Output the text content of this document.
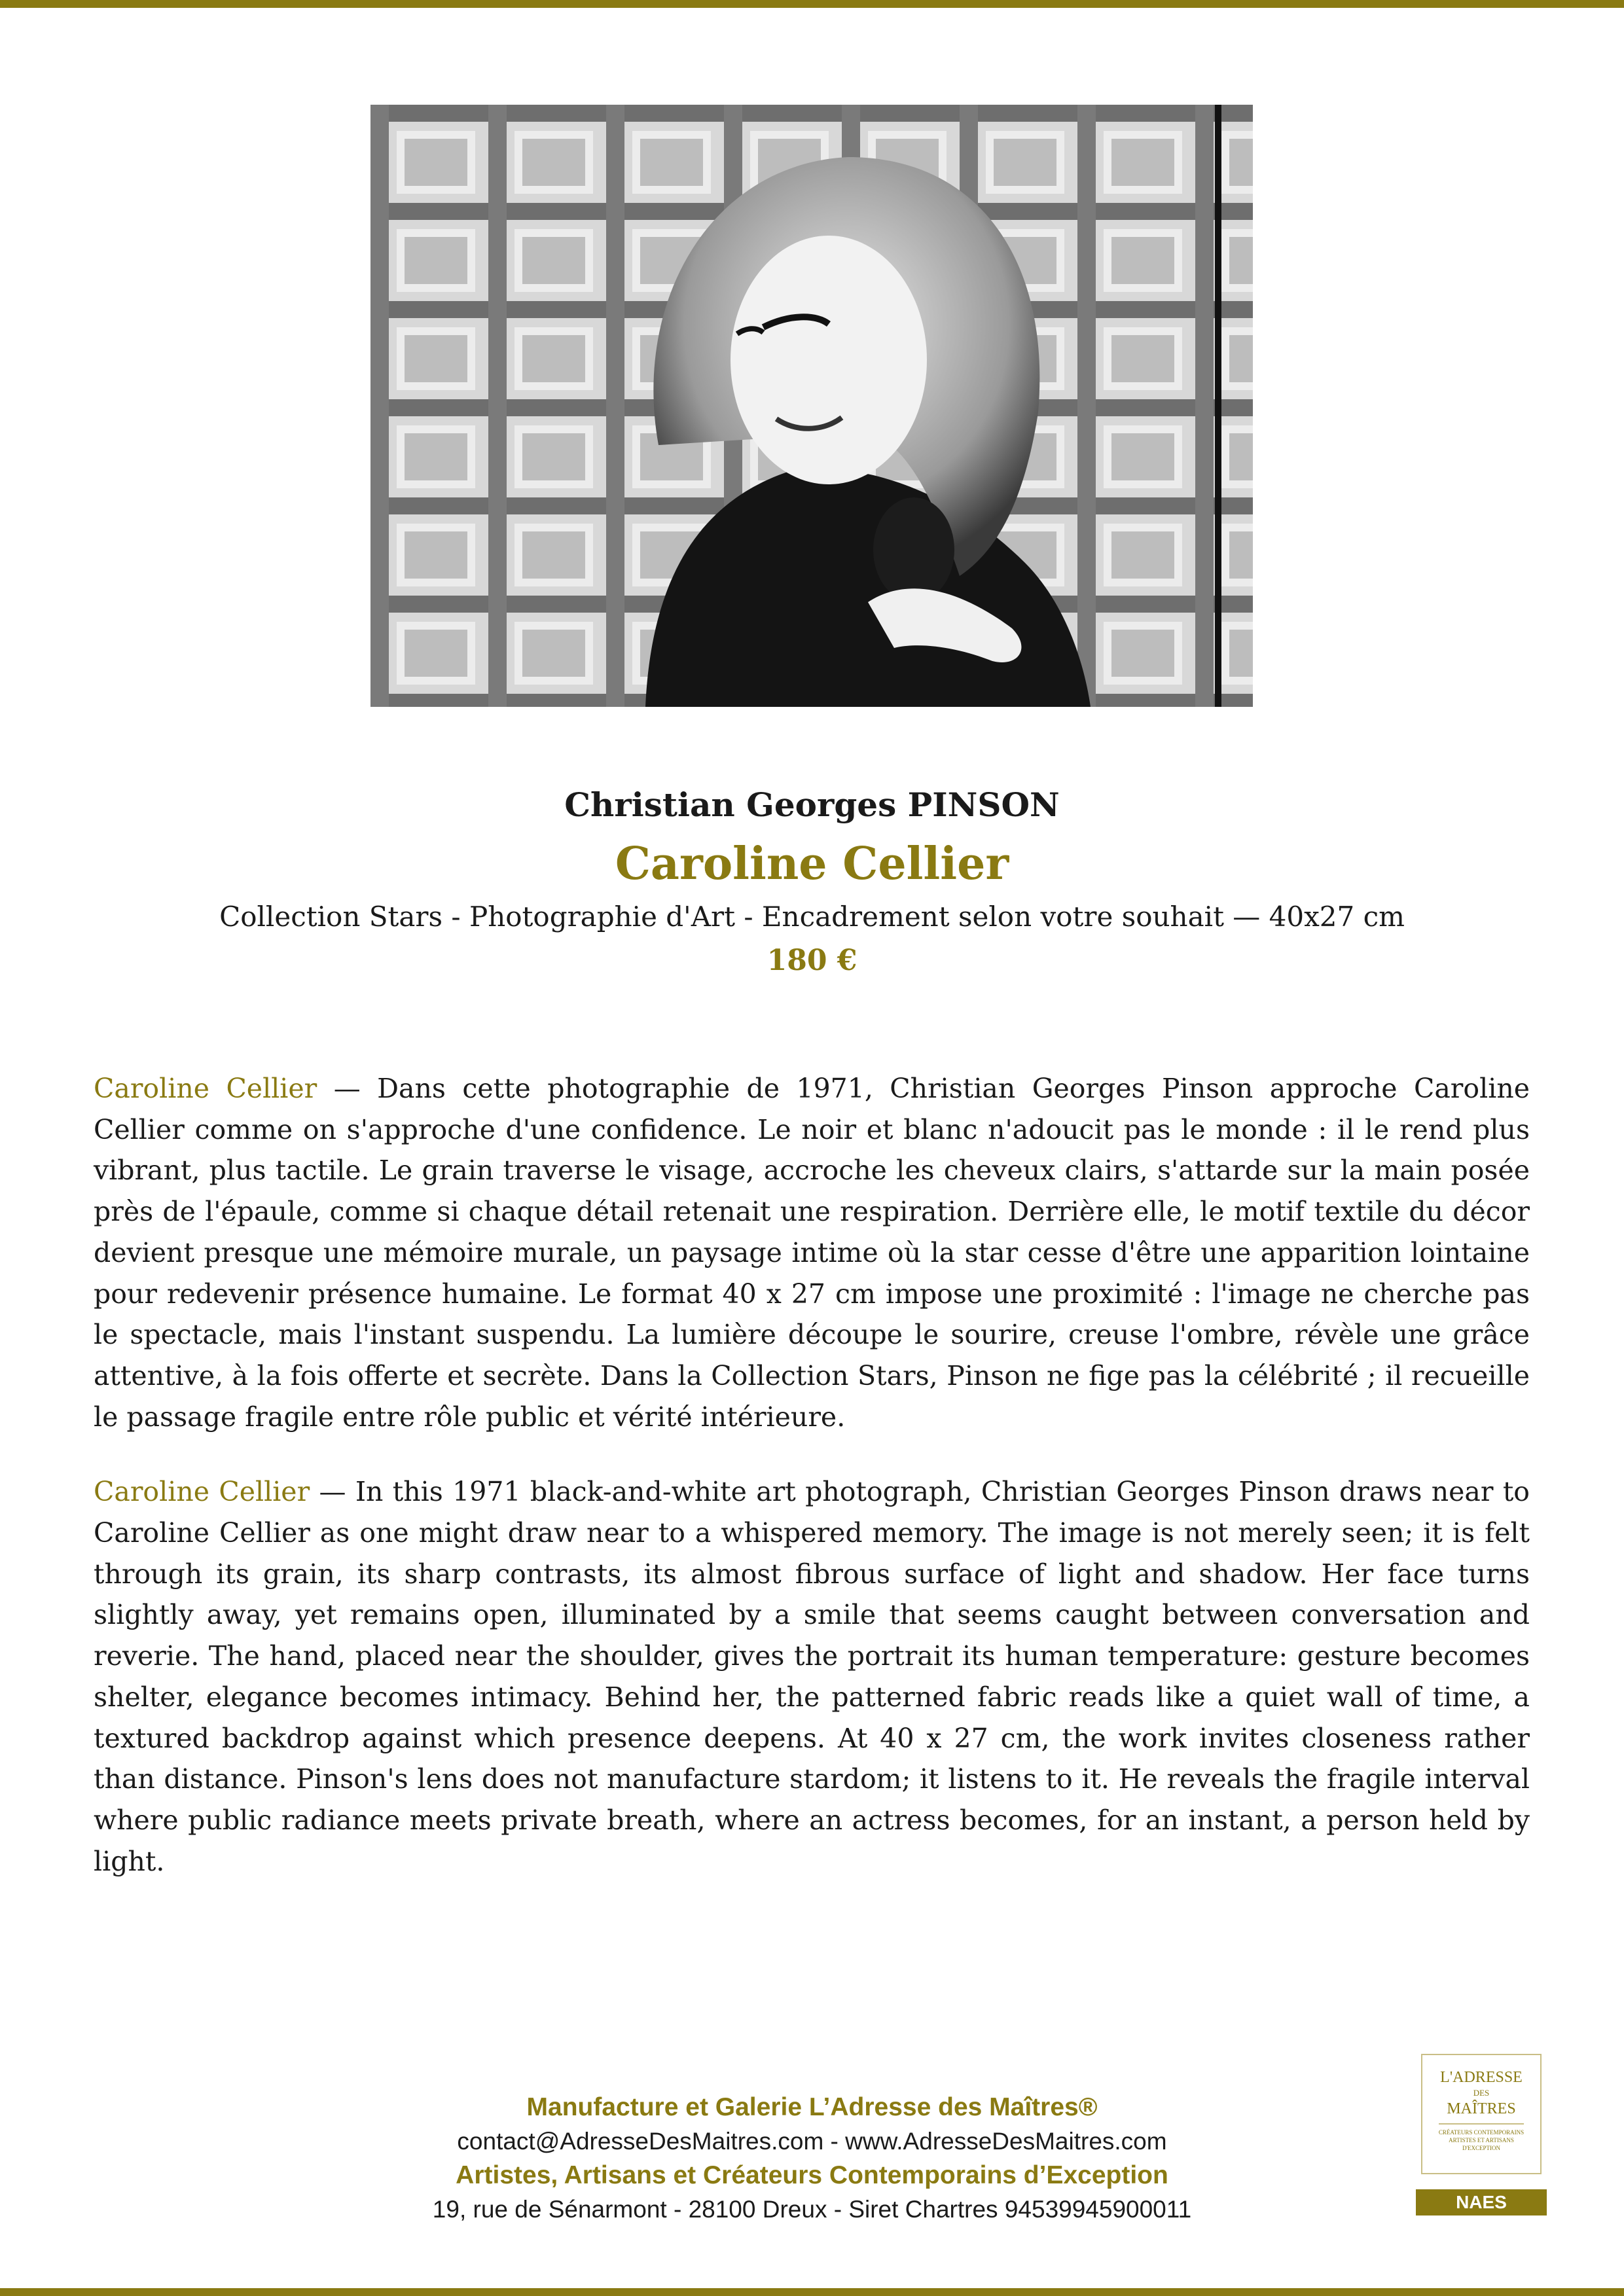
Christian Georges PINSON
Caroline Cellier
Collection Stars - Photographie d'Art - Encadrement selon votre souhait — 40x27 cm
180 €

Caroline Cellier — Dans cette photographie de 1971, Christian Georges Pinson approche Caroline Cellier comme on s'approche d'une confidence. Le noir et blanc n'adoucit pas le monde : il le rend plus vibrant, plus tactile. Le grain traverse le visage, accroche les cheveux clairs, s'attarde sur la main posée près de l'épaule, comme si chaque détail retenait une respiration. Derrière elle, le motif textile du décor devient presque une mémoire murale, un paysage intime où la star cesse d'être une apparition lointaine pour redevenir présence humaine. Le format 40 x 27 cm impose une proximité : l'image ne cherche pas le spectacle, mais l'instant suspendu. La lumière découpe le sourire, creuse l'ombre, révèle une grâce attentive, à la fois offerte et secrète. Dans la Collection Stars, Pinson ne fige pas la célébrité ; il recueille le passage fragile entre rôle public et vérité intérieure.

Caroline Cellier — In this 1971 black-and-white art photograph, Christian Georges Pinson draws near to Caroline Cellier as one might draw near to a whispered memory. The image is not merely seen; it is felt through its grain, its sharp contrasts, its almost fibrous surface of light and shadow. Her face turns slightly away, yet remains open, illuminated by a smile that seems caught between conversation and reverie. The hand, placed near the shoulder, gives the portrait its human temperature: gesture becomes shelter, elegance becomes intimacy. Behind her, the patterned fabric reads like a quiet wall of time, a textured backdrop against which presence deepens. At 40 x 27 cm, the work invites closeness rather than distance. Pinson's lens does not manufacture stardom; it listens to it. He reveals the fragile interval where public radiance meets private breath, where an actress becomes, for an instant, a person held by light.

Manufacture et Galerie L’Adresse des Maîtres®
contact@AdresseDesMaitres.com - www.AdresseDesMaitres.com
Artistes, Artisans et Créateurs Contemporains d’Exception
19, rue de Sénarmont - 28100 Dreux - Siret Chartres 94539945900011
L'ADRESSE
DES
MAÎTRES
CRÉATEURS CONTEMPORAINS ARTISTES ET ARTISANS D'EXCEPTION
NAES
